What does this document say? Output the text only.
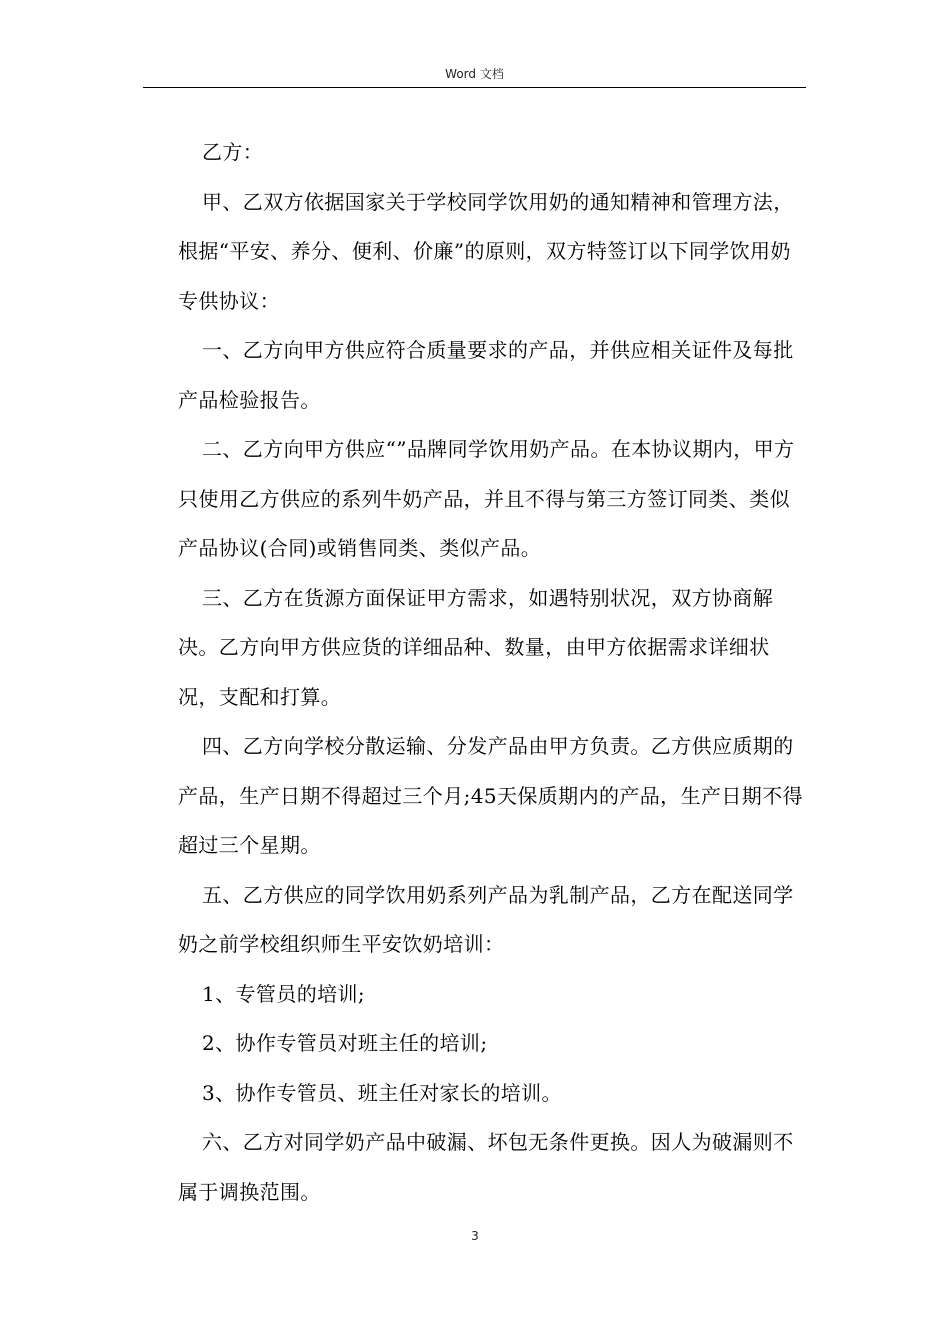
Word 文档

乙方：

甲、乙双方依据国家关于学校同学饮用奶的通知精神和管理方法，根据“平安、养分、便利、价廉”的原则，双方特签订以下同学饮用奶专供协议：

一、乙方向甲方供应符合质量要求的产品，并供应相关证件及每批产品检验报告。

二、乙方向甲方供应“”品牌同学饮用奶产品。在本协议期内，甲方只使用乙方供应的系列牛奶产品，并且不得与第三方签订同类、类似产品协议(合同)或销售同类、类似产品。

三、乙方在货源方面保证甲方需求，如遇特别状况，双方协商解决。乙方向甲方供应货的详细品种、数量，由甲方依据需求详细状况，支配和打算。

四、乙方向学校分散运输、分发产品由甲方负责。乙方供应质期的产品，生产日期不得超过三个月;45天保质期内的产品，生产日期不得超过三个星期。

五、乙方供应的同学饮用奶系列产品为乳制产品，乙方在配送同学奶之前学校组织师生平安饮奶培训：

1、专管员的培训;

2、协作专管员对班主任的培训;

3、协作专管员、班主任对家长的培训。

六、乙方对同学奶产品中破漏、坏包无条件更换。因人为破漏则不属于调换范围。

3
